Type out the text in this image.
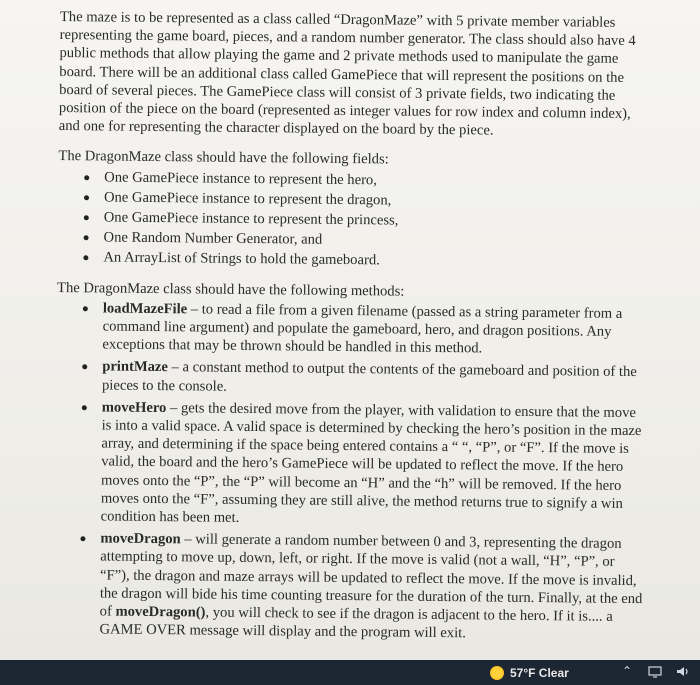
The maze is to be represented as a class called “DragonMaze” with 5 private member variables representing the game board, pieces, and a random number generator. The class should also have 4 public methods that allow playing the game and 2 private methods used to manipulate the game board. There will be an additional class called GamePiece that will represent the positions on the board of several pieces. The GamePiece class will consist of 3 private fields, two indicating the position of the piece on the board (represented as integer values for row index and column index), and one for representing the character displayed on the board by the piece.

The DragonMaze class should have the following fields:

One GamePiece instance to represent the hero,
One GamePiece instance to represent the dragon,
One GamePiece instance to represent the princess,
One Random Number Generator, and
An ArrayList of Strings to hold the gameboard.

The DragonMaze class should have the following methods:

loadMazeFile – to read a file from a given filename (passed as a string parameter from a command line argument) and populate the gameboard, hero, and dragon positions. Any exceptions that may be thrown should be handled in this method.
printMaze – a constant method to output the contents of the gameboard and position of the pieces to the console.
moveHero – gets the desired move from the player, with validation to ensure that the move is into a valid space. A valid space is determined by checking the hero’s position in the maze array, and determining if the space being entered contains a “ “, “P”, or “F”. If the move is valid, the board and the hero’s GamePiece will be updated to reflect the move. If the hero moves onto the “P”, the “P” will become an “H” and the “h” will be removed. If the hero moves onto the “F”, assuming they are still alive, the method returns true to signify a win condition has been met.
moveDragon – will generate a random number between 0 and 3, representing the dragon attempting to move up, down, left, or right. If the move is valid (not a wall, “H”, “P”, or “F”), the dragon and maze arrays will be updated to reflect the move. If the move is invalid, the dragon will bide his time counting treasure for the duration of the turn. Finally, at the end of moveDragon(), you will check to see if the dragon is adjacent to the hero. If it is.... a GAME OVER message will display and the program will exit.
57°F Clear	⌃
